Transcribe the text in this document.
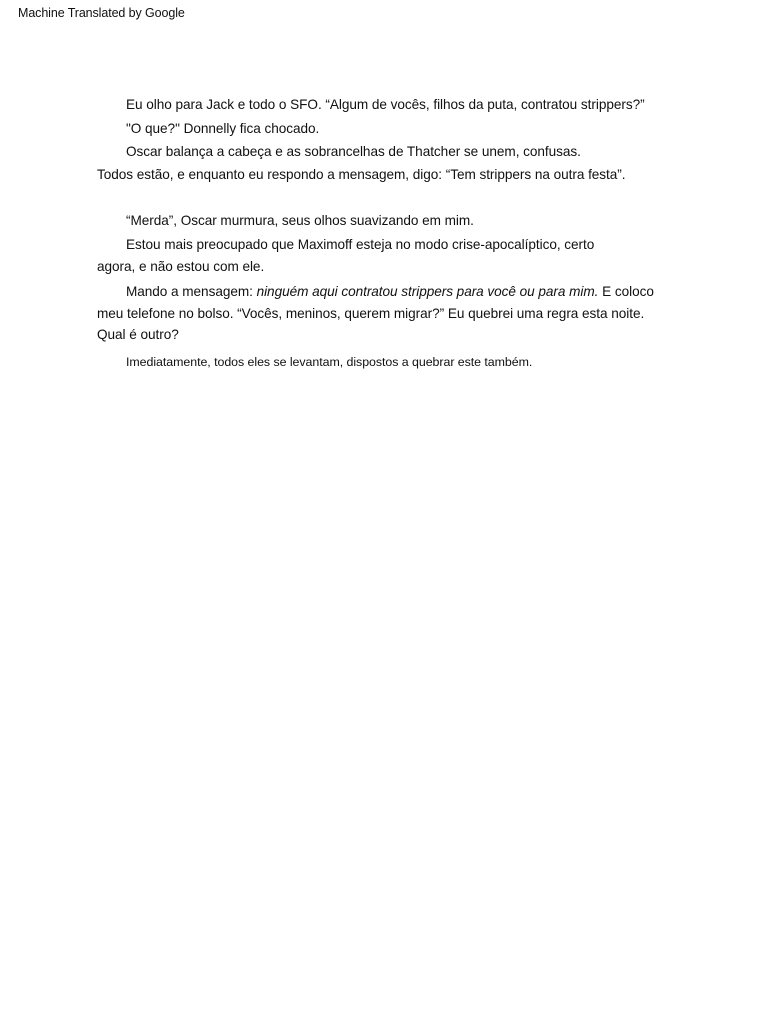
Machine Translated by Google
Eu olho para Jack e todo o SFO. “Algum de vocês, filhos da puta, contratou strippers?”
"O que?" Donnelly fica chocado.
Oscar balança a cabeça e as sobrancelhas de Thatcher se unem, confusas.
Todos estão, e enquanto eu respondo a mensagem, digo: “Tem strippers na outra festa”.
“Merda”, Oscar murmura, seus olhos suavizando em mim.
Estou mais preocupado que Maximoff esteja no modo crise-apocalíptico, certo
agora, e não estou com ele.
Mando a mensagem: ninguém aqui contratou strippers para você ou para mim. E coloco
meu telefone no bolso. “Vocês, meninos, querem migrar?” Eu quebrei uma regra esta noite.
Qual é outro?
Imediatamente, todos eles se levantam, dispostos a quebrar este também.
